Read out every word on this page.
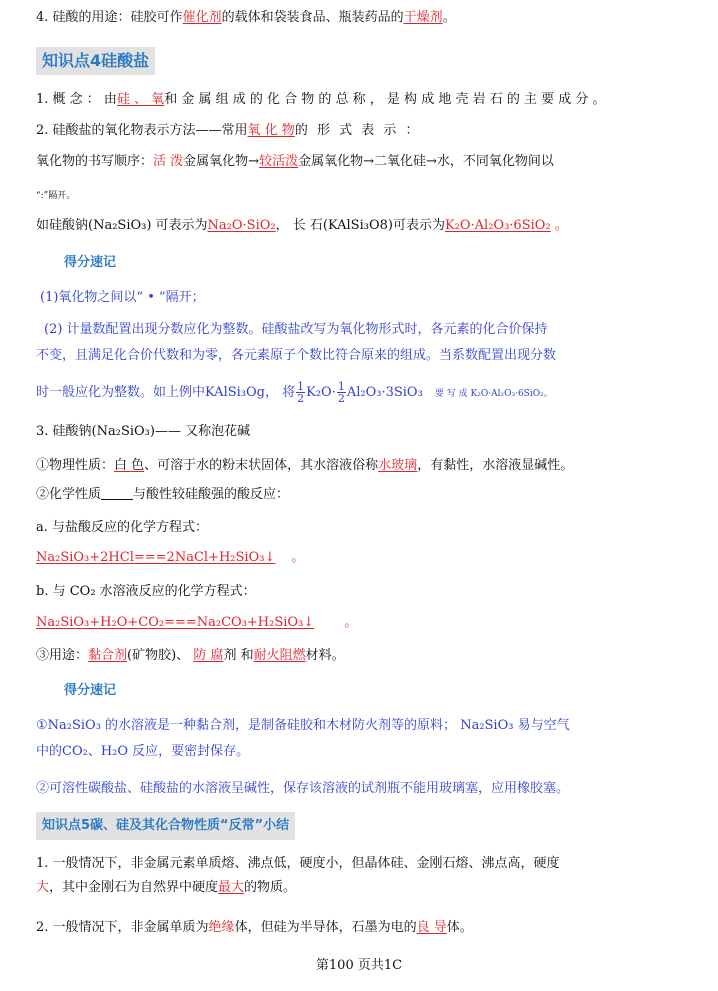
4. 硅酸的用途：硅胶可作催化剂的载体和袋装食品、瓶装药品的干燥剂。
知识点4硅酸盐
1. 概 念 ： 由硅 、 氧和 金 属 组 成 的 化 合 物 的 总 称 ， 是 构 成 地 壳 岩 石 的 主 要 成 分 。
2. 硅酸盐的氧化物表示方法——常用氧 化 物的 形 式 表 示 ：
氧化物的书写顺序：活 泼金属氧化物→较活泼金属氧化物→二氧化硅→水，不同氧化物间以
“:”隔开。
如硅酸钠(Na₂SiO₃) 可表示为Na₂O·SiO₂， 长 石(KAlSi₃O8)可表示为K₂O·Al₂O₃·6SiO₂ 。
得分速记
(1)氧化物之间以“ • ”隔开；
(2) 计量数配置出现分数应化为整数。硅酸盐改写为氧化物形式时，各元素的化合价保持
不变，且满足化合价代数和为零，各元素原子个数比符合原来的组成。当系数配置出现分数
时一般应化为整数。如上例中KAlSi₃Og， 将 $\frac{1}{2} K_2O\cdot \frac{1}{2} Al_2O_3\cdot 3SiO_3$ 要 写 成 K₂O·Al₂O₃·6SiO₂。
3. 硅酸钠(Na₂SiO₃)—— 又称泡花碱
①物理性质：白 色、可溶于水的粉末状固体，其水溶液俗称水玻璃，有黏性，水溶液显碱性。
②化学性质 与酸性较硅酸强的酸反应：
a. 与盐酸反应的化学方程式：
Na₂SiO₃+2HCl===2NaCl+H₂SiO₃↓ 。
b. 与 CO₂ 水溶液反应的化学方程式：
Na₂SiO₃+H₂O+CO₂===Na₂CO₃+H₂SiO₃↓ 。
③用途：黏合剂(矿物胶)、 防 腐剂 和耐火阻燃材料。
得分速记
①Na₂SiO₃ 的水溶液是一种黏合剂，是制备硅胶和木材防火剂等的原料； Na₂SiO₃ 易与空气
中的CO₂、H₂O 反应，要密封保存。
②可溶性碳酸盐、硅酸盐的水溶液呈碱性，保存该溶液的试剂瓶不能用玻璃塞，应用橡胶塞。
知识点5碳、硅及其化合物性质“反常”小结
1. 一般情况下，非金属元素单质熔、沸点低，硬度小，但晶体硅、金刚石熔、沸点高，硬度
大，其中金刚石为自然界中硬度最大的物质。
2. 一般情况下，非金属单质为绝缘体，但硅为半导体，石墨为电的良 导体。
第100 页共1C
